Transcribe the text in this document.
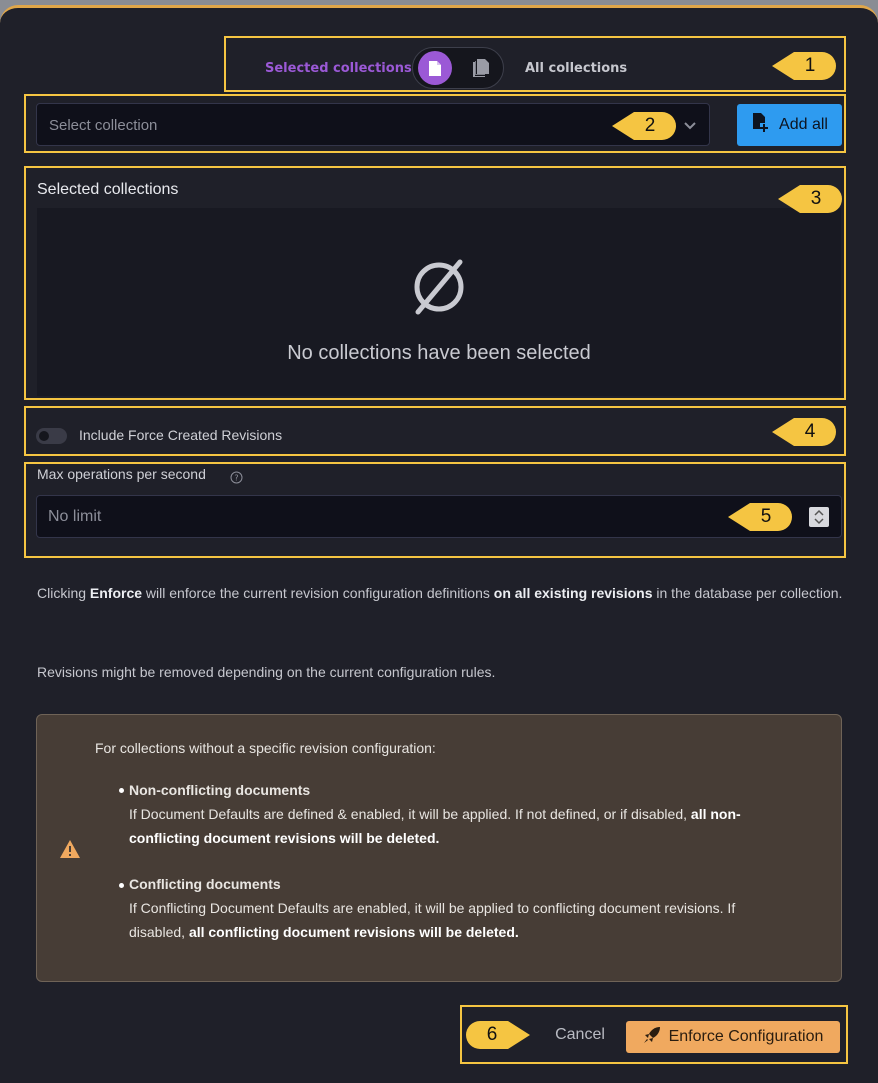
Selected collections	All collections
Select collection	Add all
Selected collections
No collections have been selected
Include Force Created Revisions
Max operations per second	?
No limit
Clicking Enforce will enforce the current revision configuration definitions on all existing revisions in the database per collection.
Revisions might be removed depending on the current configuration rules.
For collections without a specific revision configuration:
Non-conflicting documents
If Document Defaults are defined & enabled, it will be applied. If not defined, or if disabled, all non-
conflicting document revisions will be deleted.
Conflicting documents
If Conflicting Document Defaults are enabled, it will be applied to conflicting document revisions. If
disabled, all conflicting document revisions will be deleted.
Cancel	Enforce Configuration
1
2
3
4
5
6
